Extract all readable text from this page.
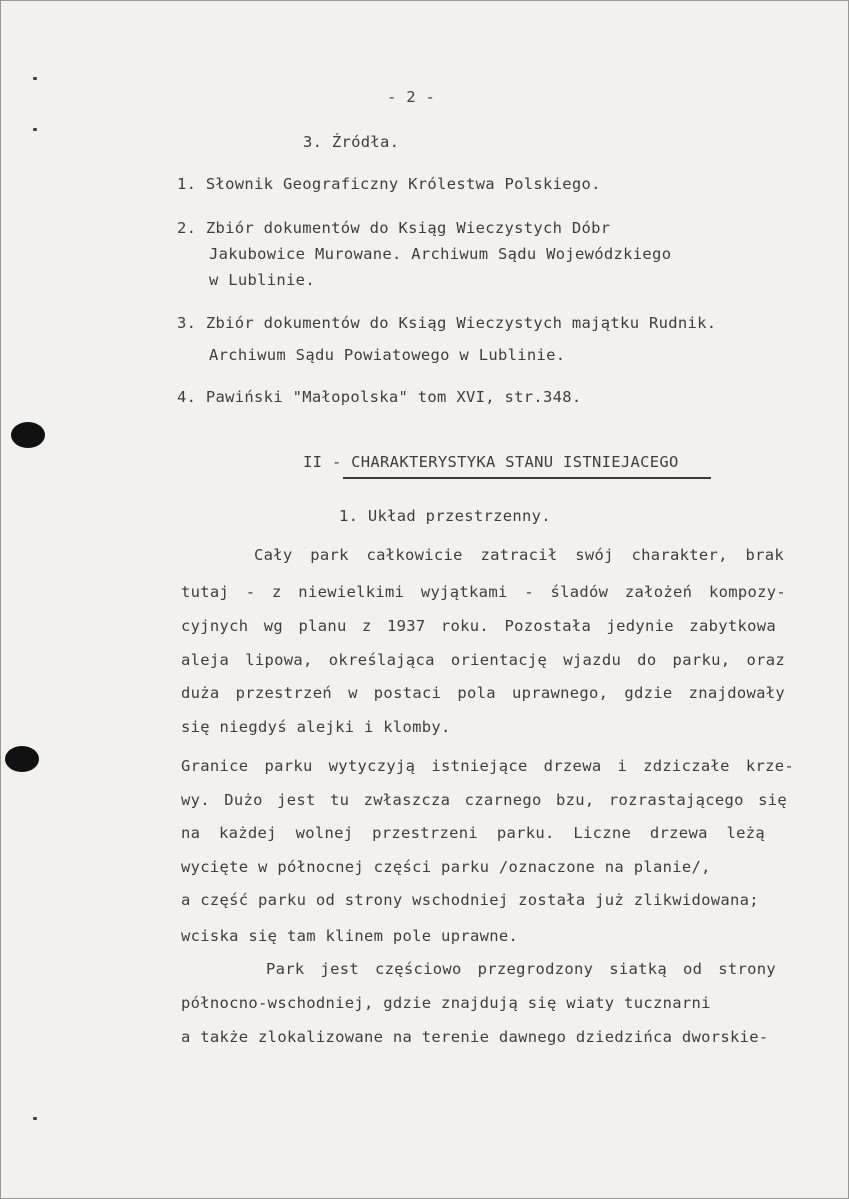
- 2 -
3. Źródła.
1. Słownik Geograficzny Królestwa Polskiego.
2. Zbiór dokumentów do Ksiąg Wieczystych Dóbr
Jakubowice Murowane. Archiwum Sądu Wojewódzkiego
w Lublinie.
3. Zbiór dokumentów do Ksiąg Wieczystych majątku Rudnik.
Archiwum Sądu Powiatowego w Lublinie.
4. Pawiński "Małopolska" tom XVI, str.348.
II - CHARAKTERYSTYKA STANU ISTNIEJACEGO
1. Układ przestrzenny.
Cały park całkowicie zatracił swój charakter, brak
tutaj - z niewielkimi wyjątkami - śladów założeń kompozy-
cyjnych wg planu z 1937 roku. Pozostała jedynie zabytkowa
aleja lipowa, określająca orientację wjazdu do parku, oraz
duża przestrzeń w postaci pola uprawnego, gdzie znajdowały
się niegdyś alejki i klomby.
Granice parku wytyczyją istniejące drzewa i zdziczałe krze-
wy. Dużo jest tu zwłaszcza czarnego bzu, rozrastającego się
na każdej wolnej przestrzeni parku. Liczne drzewa leżą
wycięte w północnej części parku /oznaczone na planie/,
a część parku od strony wschodniej została już zlikwidowana;
wciska się tam klinem pole uprawne.
Park jest częściowo przegrodzony siatką od strony
północno-wschodniej, gdzie znajdują się wiaty tucznarni
a także zlokalizowane na terenie dawnego dziedzińca dworskie-
